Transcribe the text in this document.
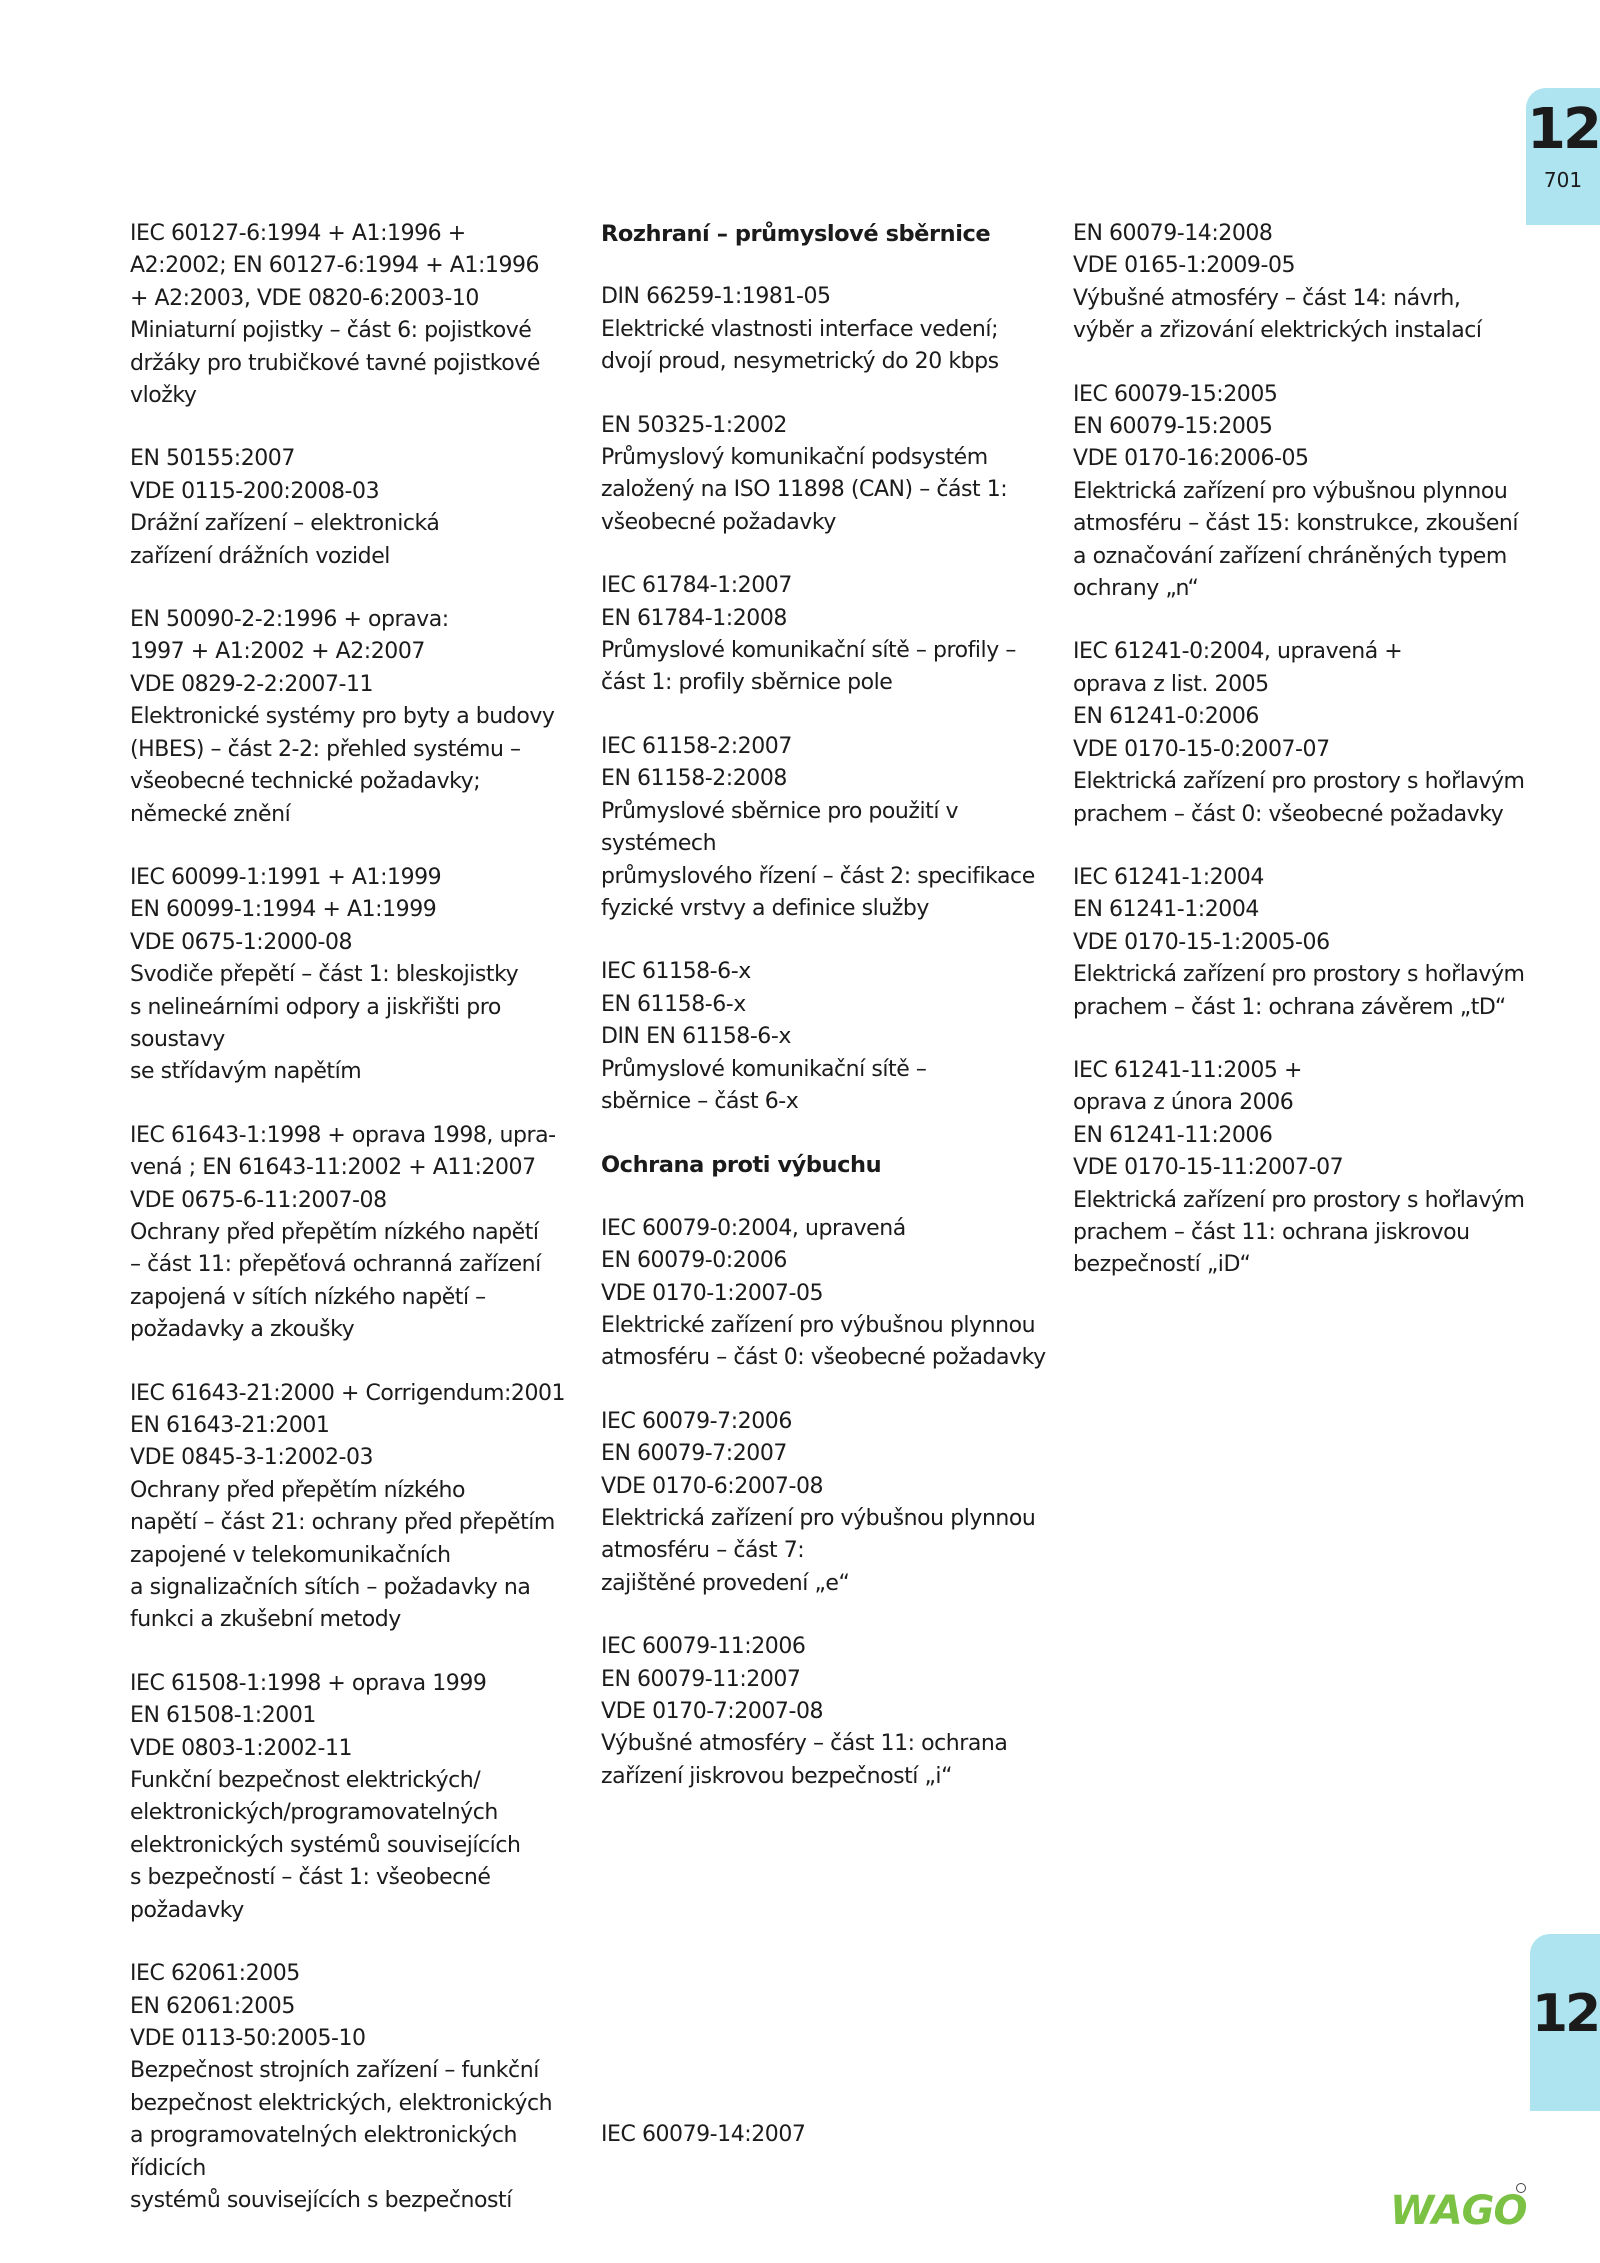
12
701

IEC 60127-6:1994 + A1:1996 +
A2:2002; EN 60127-6:1994 + A1:1996
+ A2:2003, VDE 0820-6:2003-10
Miniaturní pojistky – část 6: pojistkové
držáky pro trubičkové tavné pojistkové
vložky

EN 50155:2007
VDE 0115-200:2008-03
Drážní zařízení – elektronická
zařízení drážních vozidel

EN 50090-2-2:1996 + oprava:
1997 + A1:2002 + A2:2007
VDE 0829-2-2:2007-11
Elektronické systémy pro byty a budovy
(HBES) – část 2-2: přehled systému –
všeobecné technické požadavky;
německé znění

IEC 60099-1:1991 + A1:1999
EN 60099-1:1994 + A1:1999
VDE 0675-1:2000-08
Svodiče přepětí – část 1: bleskojistky
s nelineárními odpory a jiskřišti pro soustavy
se střídavým napětím

IEC 61643-1:1998 + oprava 1998, upra-
vená ; EN 61643-11:2002 + A11:2007
VDE 0675-6-11:2007-08
Ochrany před přepětím nízkého napětí
– část 11: přepěťová ochranná zařízení
zapojená v sítích nízkého napětí –
požadavky a zkoušky

IEC 61643-21:2000 + Corrigendum:2001
EN 61643-21:2001
VDE 0845-3-1:2002-03
Ochrany před přepětím nízkého
napětí – část 21: ochrany před přepětím
zapojené v telekomunikačních
a signalizačních sítích – požadavky na
funkci a zkušební metody

IEC 61508-1:1998 + oprava 1999
EN 61508-1:2001
VDE 0803-1:2002-11
Funkční bezpečnost elektrických/
elektronických/programovatelných
elektronických systémů souvisejících
s bezpečností – část 1: všeobecné
požadavky

IEC 62061:2005
EN 62061:2005
VDE 0113-50:2005-10
Bezpečnost strojních zařízení – funkční
bezpečnost elektrických, elektronických
a programovatelných elektronických řídicích
systémů souvisejících s bezpečností

Rozhraní – průmyslové sběrnice

DIN 66259-1:1981-05
Elektrické vlastnosti interface vedení;
dvojí proud, nesymetrický do 20 kbps

EN 50325-1:2002
Průmyslový komunikační podsystém
založený na ISO 11898 (CAN) – část 1:
všeobecné požadavky

IEC 61784-1:2007
EN 61784-1:2008
Průmyslové komunikační sítě – profily –
část 1: profily sběrnice pole

IEC 61158-2:2007
EN 61158-2:2008
Průmyslové sběrnice pro použití v systémech
průmyslového řízení – část 2: specifikace
fyzické vrstvy a definice služby

IEC 61158-6-x
EN 61158-6-x
DIN EN 61158-6-x
Průmyslové komunikační sítě –
sběrnice – část 6-x

Ochrana proti výbuchu

IEC 60079-0:2004, upravená
EN 60079-0:2006
VDE 0170-1:2007-05
Elektrické zařízení pro výbušnou plynnou
atmosféru – část 0: všeobecné požadavky

IEC 60079-7:2006
EN 60079-7:2007
VDE 0170-6:2007-08
Elektrická zařízení pro výbušnou plynnou
atmosféru – část 7:
zajištěné provedení „e“

IEC 60079-11:2006
EN 60079-11:2007
VDE 0170-7:2007-08
Výbušné atmosféry – část 11: ochrana
zařízení jiskrovou bezpečností „i“

IEC 60079-14:2007

EN 60079-14:2008
VDE 0165-1:2009-05
Výbušné atmosféry – část 14: návrh,
výběr a zřizování elektrických instalací

IEC 60079-15:2005
EN 60079-15:2005
VDE 0170-16:2006-05
Elektrická zařízení pro výbušnou plynnou
atmosféru – část 15: konstrukce, zkoušení
a označování zařízení chráněných typem
ochrany „n“

IEC 61241-0:2004, upravená +
oprava z list. 2005
EN 61241-0:2006
VDE 0170-15-0:2007-07
Elektrická zařízení pro prostory s hořlavým
prachem – část 0: všeobecné požadavky

IEC 61241-1:2004
EN 61241-1:2004
VDE 0170-15-1:2005-06
Elektrická zařízení pro prostory s hořlavým
prachem – část 1: ochrana závěrem „tD“

IEC 61241-11:2005 +
oprava z února 2006
EN 61241-11:2006
VDE 0170-15-11:2007-07
Elektrická zařízení pro prostory s hořlavým
prachem – část 11: ochrana jiskrovou
bezpečností „iD“

12
WAGO
